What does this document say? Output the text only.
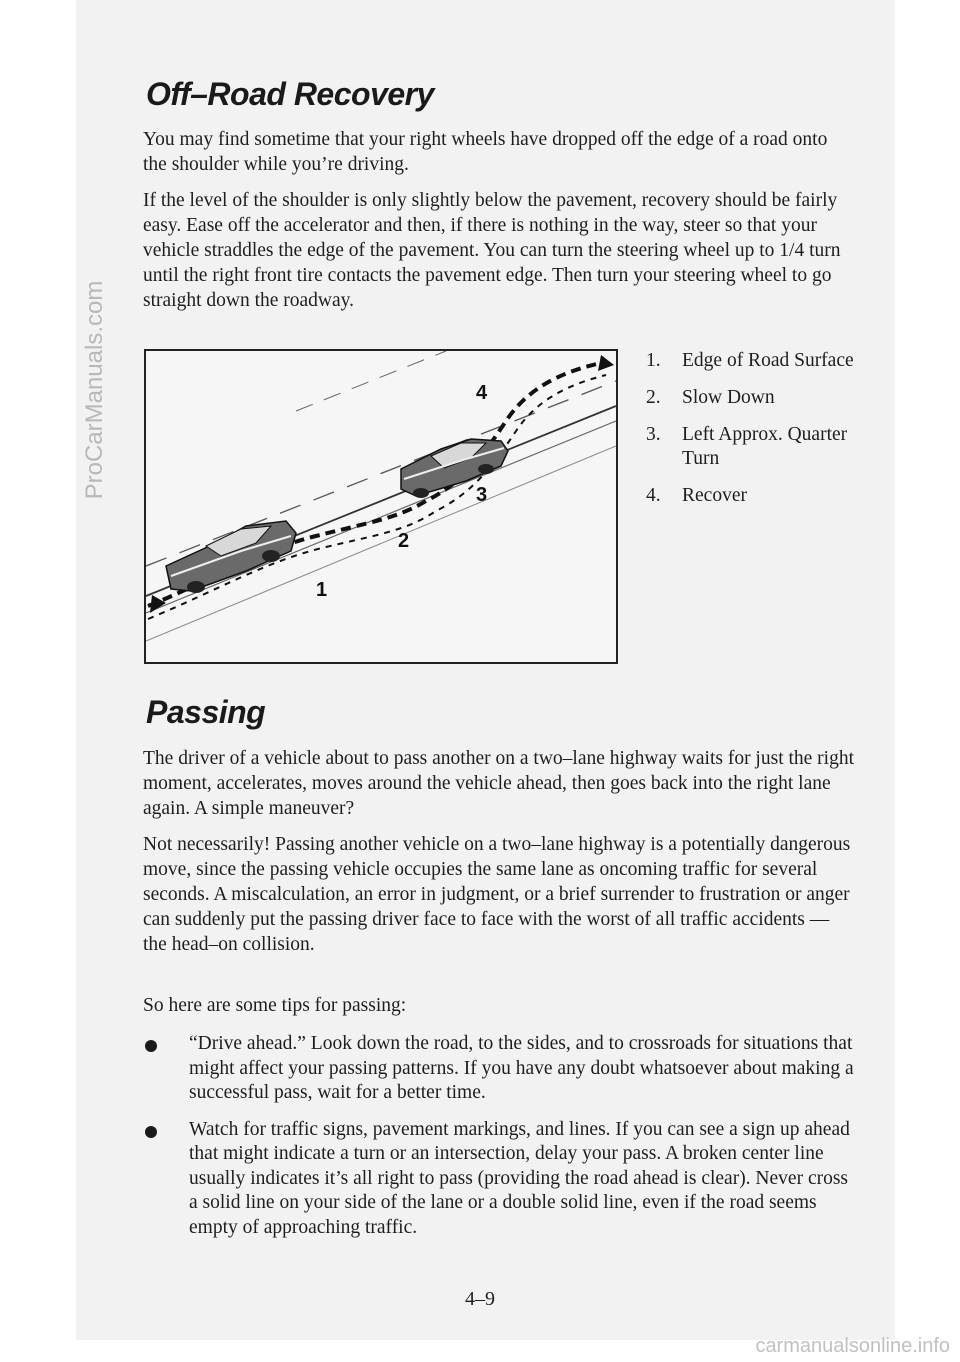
ProCarManuals.com
Off–Road Recovery

You may find sometime that your right wheels have dropped off the edge of a road onto the shoulder while you’re driving.

If the level of the shoulder is only slightly below the pavement, recovery should be fairly easy. Ease off the accelerator and then, if there is nothing in the way, steer so that your vehicle straddles the edge of the pavement. You can turn the steering wheel up to 1/4 turn until the right front tire contacts the pavement edge. Then turn your steering wheel to go straight down the roadway.

1
2
3
4
1.	Edge of Road Surface
2.	Slow Down
3.	Left Approx. Quarter Turn
4.	Recover
Passing

The driver of a vehicle about to pass another on a two–lane highway waits for just the right moment, accelerates, moves around the vehicle ahead, then goes back into the right lane again. A simple maneuver?

Not necessarily! Passing another vehicle on a two–lane highway is a potentially dangerous move, since the passing vehicle occupies the same lane as oncoming traffic for several seconds. A miscalculation, an error in judgment, or a brief surrender to frustration or anger can suddenly put the passing driver face to face with the worst of all traffic accidents — the head–on collision.

So here are some tips for passing:

“Drive ahead.” Look down the road, to the sides, and to crossroads for situations that might affect your passing patterns. If you have any doubt whatsoever about making a successful pass, wait for a better time.
Watch for traffic signs, pavement markings, and lines. If you can see a sign up ahead that might indicate a turn or an intersection, delay your pass. A broken center line usually indicates it’s all right to pass (providing the road ahead is clear). Never cross a solid line on your side of the lane or a double solid line, even if the road seems empty of approaching traffic.
4–9
carmanualsonline.info
